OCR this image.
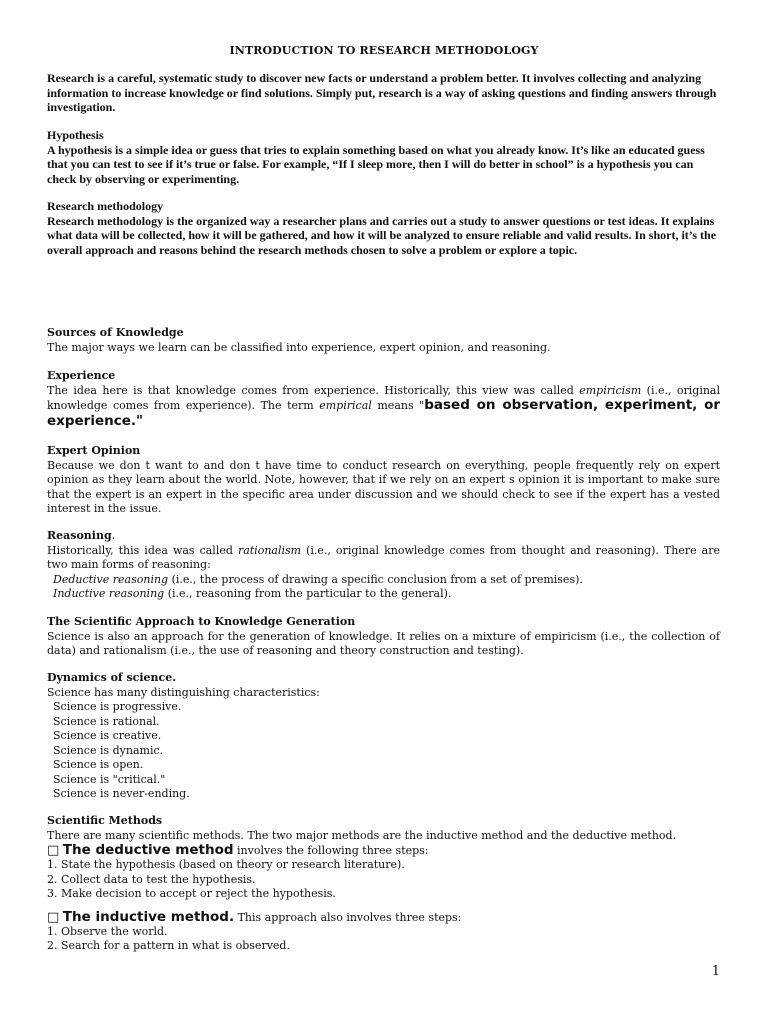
INTRODUCTION TO RESEARCH METHODOLOGY
Research is a careful, systematic study to discover new facts or understand a problem better. It involves collecting and analyzing information to increase knowledge or find solutions. Simply put, research is a way of asking questions and finding answers through investigation.

Hypothesis

A hypothesis is a simple idea or guess that tries to explain something based on what you already know. It’s like an educated guess that you can test to see if it’s true or false. For example, “If I sleep more, then I will do better in school” is a hypothesis you can check by observing or experimenting.

Research methodology

Research methodology is the organized way a researcher plans and carries out a study to answer questions or test ideas. It explains what data will be collected, how it will be gathered, and how it will be analyzed to ensure reliable and valid results. In short, it’s the overall approach and reasons behind the research methods chosen to solve a problem or explore a topic.

Sources of Knowledge

The major ways we learn can be classified into experience, expert opinion, and reasoning.

Experience

The idea here is that knowledge comes from experience. Historically, this view was called empiricism (i.e., original knowledge comes from experience). The term empirical means "based on observation, experiment, or experience."

Expert Opinion

Because we don t want to and don t have time to conduct research on everything, people frequently rely on expert opinion as they learn about the world. Note, however, that if we rely on an expert s opinion it is important to make sure that the expert is an expert in the specific area under discussion and we should check to see if the expert has a vested interest in the issue.

Reasoning.

Historically, this idea was called rationalism (i.e., original knowledge comes from thought and reasoning). There are two main forms of reasoning:

Deductive reasoning (i.e., the process of drawing a specific conclusion from a set of premises).

Inductive reasoning (i.e., reasoning from the particular to the general).

The Scientific Approach to Knowledge Generation

Science is also an approach for the generation of knowledge. It relies on a mixture of empiricism (i.e., the collection of data) and rationalism (i.e., the use of reasoning and theory construction and testing).

Dynamics of science.

Science has many distinguishing characteristics:

Science is progressive.

Science is rational.

Science is creative.

Science is dynamic.

Science is open.

Science is "critical."

Science is never-ending.

Scientific Methods

There are many scientific methods. The two major methods are the inductive method and the deductive method.

□ The deductive method involves the following three steps:

1. State the hypothesis (based on theory or research literature).

2. Collect data to test the hypothesis.

3. Make decision to accept or reject the hypothesis.

□ The inductive method. This approach also involves three steps:

1. Observe the world.

2. Search for a pattern in what is observed.

1
